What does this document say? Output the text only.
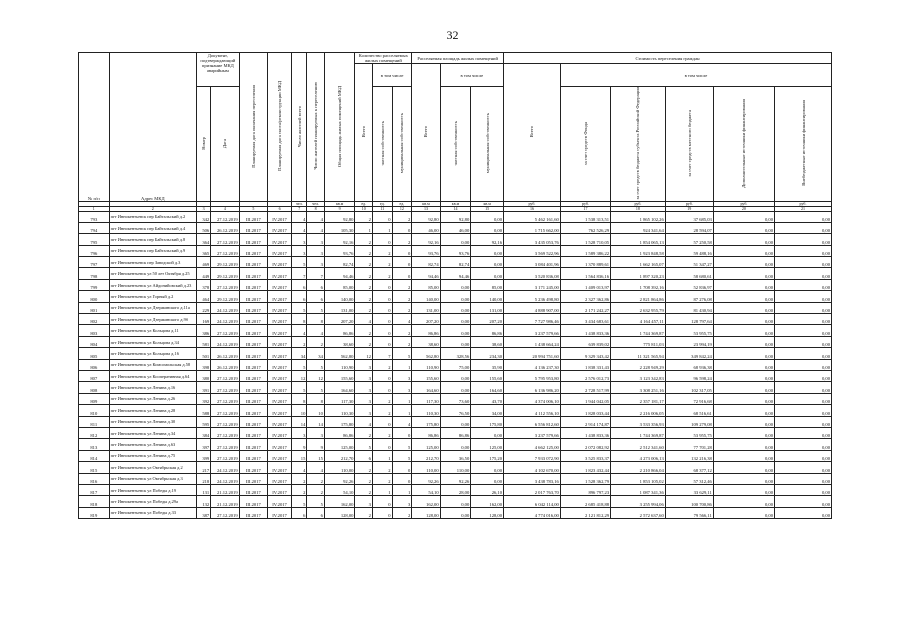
32
№ п/п	Адрес МКД	Документ, подтверждающий признание МКД аварийным		Планируемая дата окончания переселения	Планируемая дата сноса/реконструкции МКД	Число жителей всего	Число жителей планируемых к переселению	Общая площадь жилых помещений МКД	Количество расселяемых жилых помещений			Расселяемая площадь жилых помещений			Стоимость переселения граждан					
									Всего	в том числе		Всего	в том числе		Всего	в том числе				
		Номер	Дата							частная собственность	муниципальная собственность		частная собственность	муниципальная собственность		за счет средств Фонда	за счет средств бюджета субъекта Российской Федерации	за счет средств местного бюджета	Дополнительные источники финансирования	Внебюджетные источники финансирования
						чел.	чел.	кв.м	ед.	ед.	ед.	кв.м	кв.м	кв.м	руб.	руб.	руб.	руб.	руб.	руб.
1	2	3	4	5	6	7	8	9	10	11	12	13	14	15	16	17	18	19	20	21
793	пгт Иннокентьевск пер Байтальский д.2	342	27.12.2019	III.2017	IV.2017	4	4	92,80	2	0	2	92,80	92,80	0,00	5 462 161,60	1 538 313,51	1 865 102,26	37 685,03	0,00	0,00
794	пгт Иннокентьевск пер Байтальский д.4	506	26.12.2019	III.2017	IV.2017	4	4	105,30	1	1	0	46,00	46,00	0,00	1 715 662,00	762 526,29	924 341,64	28 594,07	0,00	0,00
795	пгт Иннокентьевск пер Байтальский д.8	364	27.12.2019	III.2017	IV.2017	3	3	92,16	2	0	2	92,16	0,00	92,16	3 435 053,76	1 528 710,05	1 854 065,13	57 250,58	0,00	0,00
796	пгт Иннокентьевск пер Байтальский д.9	365	27.12.2019	III.2017	IV.2017	3	3	93,76	2	2	0	93,76	93,76	0,00	3 569 522,96	1 589 386,22	1 923 848,58	59 488,16	0,00	0,00
797	пгт Иннокентьевск пер Заводской д.3	469	29.12.2019	III.2017	IV.2017	5	3	82,74	2	2	0	82,74	82,74	0,00	3 084 401,96	1 370 889,61	1 662 165,07	51 347,27	0,00	0,00
798	пгт Иннокентьевск ул 50 лет Октября д.25	449	29.12.2019	III.2017	IV.2017	7	7	94,46	2	2	0	94,46	94,46	0,00	3 520 836,08	1 564 836,16	1 897 320,23	58 680,61	0,00	0,00
799	пгт Иннокентьевск ул Айдонийовский д.23	378	27.12.2019	III.2017	IV.2017	6	6	85,00	2	0	2	85,00	0,00	85,00	3 171 245,00	1 409 013,97	1 708 392,16	52 836,97	0,00	0,00
800	пгт Иннокентьевск ул Горный д.2	464	29.12.2019	III.2017	IV.2017	6	6	140,00	2	0	2	140,00	0,00	140,00	5 236 498,80	2 327 362,86	2 821 864,86	87 276,08	0,00	0,00
801	пгт Иннокентьевск ул Дзержинского д.11а	229	24.12.2019	III.2017	IV.2017	5	5	131,00	2	0	2	131,00	0,00	131,00	4 888 907,00	2 171 242,27	2 632 955,79	81 430,94	0,00	0,00
802	пгт Иннокентьевск ул Дзержинского д.9б	169	24.12.2019	III.2017	IV.2017	8	8	207,20	4	0	4	207,20	0,00	207,20	7 727 986,46	3 434 683,61	4 164 457,11	128 797,64	0,00	0,00
803	пгт Иннокентьевск ул Кольцова д.11	386	27.12.2019	III.2017	IV.2017	4	4	86,86	2	0	2	86,86	0,00	86,86	3 237 579,66	1 438 833,36	1 744 369,87	53 955,75	0,00	0,00
804	пгт Иннокентьевск ул Кольцова д.34	581	24.12.2019	III.2017	IV.2017	2	2	38,60	2	0	2	38,60	0,00	38,60	1 438 664,24	639 839,02	775 811,03	23 994,19	0,00	0,00
805	пгт Иннокентьевск ул Кольцова д.16	501	26.12.2019	III.2017	IV.2017	34	34	562,80	12	7	5	562,80	328,56	234,30	20 994 751,60	9 329 343,42	11 321 565,94	349 842,24	0,00	0,00
806	пгт Иннокентьевск ул Комсомольская д.58	398	26.12.2019	III.2017	IV.2017	5	5	110,90	3	2	1	110,90	75,00	35,90	4 136 237,30	1 838 331,43	2 228 949,29	68 936,38	0,00	0,00
807	пгт Иннокентьевск ул Кооперативная д.64	380	27.12.2019	III.2017	IV.2017	12	12	155,60	3	0	3	155,60	0,00	155,60	5 795 953,80	2 576 012,73	3 123 342,83	96 598,24	0,00	0,00
808	пгт Иннокентьевск ул Ленина д.16	391	27.12.2019	III.2017	IV.2017	5	5	164,60	3	0	3	164,60	0,00	164,60	6 136 986,20	2 728 517,99	3 308 251,16	102 317,05	0,00	0,00
809	пгт Иннокентьевск ул Ленина д.26	392	27.12.2019	III.2017	IV.2017	8	8	117,30	3	2	1	117,30	73,60	43,70	4 374 006,10	1 944 042,05	2 357 181,17	72 916,68	0,00	0,00
810	пгт Иннокентьевск ул Ленина д.28	588	27.12.2019	III.2017	IV.2017	10	10	110,30	3	2	1	110,30	76,50	34,00	4 112 556,10	1 828 033,44	2 216 006,05	68 516,61	0,00	0,00
811	пгт Иннокентьевск ул Ленина д.30	595	27.12.2019	III.2017	IV.2017	14	14	175,80	4	0	4	175,80	0,00	175,80	6 556 812,60	2 914 174,87	3 533 356,93	109 279,08	0,00	0,00
812	пгт Иннокентьевск ул Ленина д.34	384	27.12.2019	III.2017	IV.2017	3	3	86,86	2	2	0	86,86	86,86	0,00	3 237 579,66	1 438 833,36	1 744 369,87	53 955,75	0,00	0,00
813	пгт Иннокентьевск ул Ленина д.63	397	27.12.2019	III.2017	IV.2017	9	9	125,00	5	0	5	125,00	0,00	125,00	4 662 125,00	2 072 082,92	2 512 341,60	77 701,28	0,00	0,00
814	пгт Иннокентьевск ул Ленина д.75	399	27.12.2019	III.2017	IV.2017	15	15	212,70	6	1	5	212,70	36,50	175,20	7 933 072,90	3 525 833,37	4 273 006,13	132 216,38	0,00	0,00
815	пгт Иннокентьевск ул Октябрьская д.2	217	24.12.2019	III.2017	IV.2017	4	4	110,00	2	2	0	110,00	110,00	0,00	4 102 670,00	1 823 432,44	2 210 866,04	68 377,12	0,00	0,00
816	пгт Иннокентьевск ул Октябрьская д.3	218	24.12.2019	III.2017	IV.2017	2	2	92,26	2	2	0	92,26	92,26	0,00	3 438 783,16	1 528 362,79	1 853 105,02	57 312,46	0,00	0,00
817	пгт Иннокентьевск ул Победы д.19	131	21.12.2019	III.2017	IV.2017	2	2	54,10	2	1	1	54,10	28,00	26,10	2 017 763,70	896 797,23	1 087 341,36	33 629,11	0,00	0,00
818	пгт Иннокентьевск ул Победы д.29а	132	21.12.2019	III.2017	IV.2017	5	5	162,00	3	0	3	162,00	0,00	162,00	6 042 114,00	2 685 418,88	3 255 994,06	100 700,86	0,00	0,00
819	пгт Иннокентьевск ул Победы д.33	387	27.12.2019	III.2017	IV.2017	6	6	128,00	2	0	2	128,00	0,00	128,00	4 774 016,00	2 121 812,29	2 572 637,60	79 566,11	0,00	0,00
